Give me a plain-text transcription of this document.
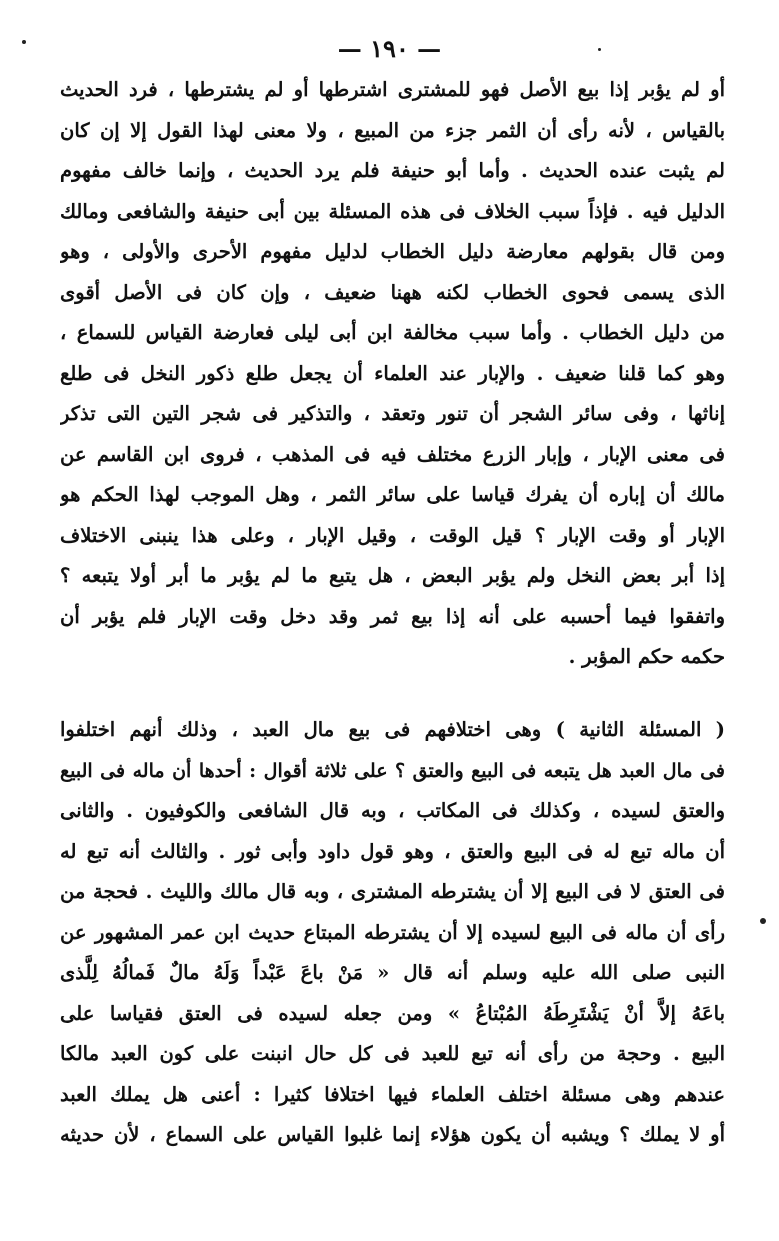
— ١٩٠ —
أو لم يؤبر إذا بيع الأصل فهو للمشترى اشترطها أو لم يشترطها ، فرد الحديث
بالقياس ، لأنه رأى أن الثمر جزء من المبيع ، ولا معنى لهذا القول إلا إن كان
لم يثبت عنده الحديث . وأما أبو حنيفة فلم يرد الحديث ، وإنما خالف مفهوم
الدليل فيه . فإذاً سبب الخلاف فى هذه المسئلة بين أبى حنيفة والشافعى ومالك
ومن قال بقولهم معارضة دليل الخطاب لدليل مفهوم الأحرى والأولى ، وهو
الذى يسمى فحوى الخطاب لكنه ههنا ضعيف ، وإن كان فى الأصل أقوى
من دليل الخطاب . وأما سبب مخالفة ابن أبى ليلى فعارضة القياس للسماع ،
وهو كما قلنا ضعيف . والإبار عند العلماء أن يجعل طلع ذكور النخل فى طلع
إناثها ، وفى سائر الشجر أن تنور وتعقد ، والتذكير فى شجر التين التى تذكر
فى معنى الإبار ، وإبار الزرع مختلف فيه فى المذهب ، فروى ابن القاسم عن
مالك أن إباره أن يفرك قياسا على سائر الثمر ، وهل الموجب لهذا الحكم هو
الإبار أو وقت الإبار ؟ قيل الوقت ، وقيل الإبار ، وعلى هذا ينبنى الاختلاف
إذا أبر بعض النخل ولم يؤبر البعض ، هل يتبع ما لم يؤبر ما أبر أولا يتبعه ؟
واتفقوا فيما أحسبه على أنه إذا بيع ثمر وقد دخل وقت الإبار فلم يؤبر أن
حكمه حكم المؤبر .
( المسئلة الثانية ) وهى اختلافهم فى بيع مال العبد ، وذلك أنهم اختلفوا
فى مال العبد هل يتبعه فى البيع والعتق ؟ على ثلاثة أقوال : أحدها أن ماله فى البيع
والعتق لسيده ، وكذلك فى المكاتب ، وبه قال الشافعى والكوفيون . والثانى
أن ماله تبع له فى البيع والعتق ، وهو قول داود وأبى ثور . والثالث أنه تبع له
فى العتق لا فى البيع إلا أن يشترطه المشترى ، وبه قال مالك والليث . فحجة من
رأى أن ماله فى البيع لسيده إلا أن يشترطه المبتاع حديث ابن عمر المشهور عن
النبى صلى الله عليه وسلم أنه قال « مَنْ باعَ عَبْداً وَلَهُ مالٌ فَمالُهُ لِلَّذى
باعَهُ إلاَّ أنْ يَشْتَرِطَهُ المُبْتاعُ » ومن جعله لسيده فى العتق فقياسا على
البيع . وحجة من رأى أنه تبع للعبد فى كل حال انبنت على كون العبد مالكا
عندهم وهى مسئلة اختلف العلماء فيها اختلافا كثيرا : أعنى هل يملك العبد
أو لا يملك ؟ ويشبه أن يكون هؤلاء إنما غلبوا القياس على السماع ، لأن حديثه
